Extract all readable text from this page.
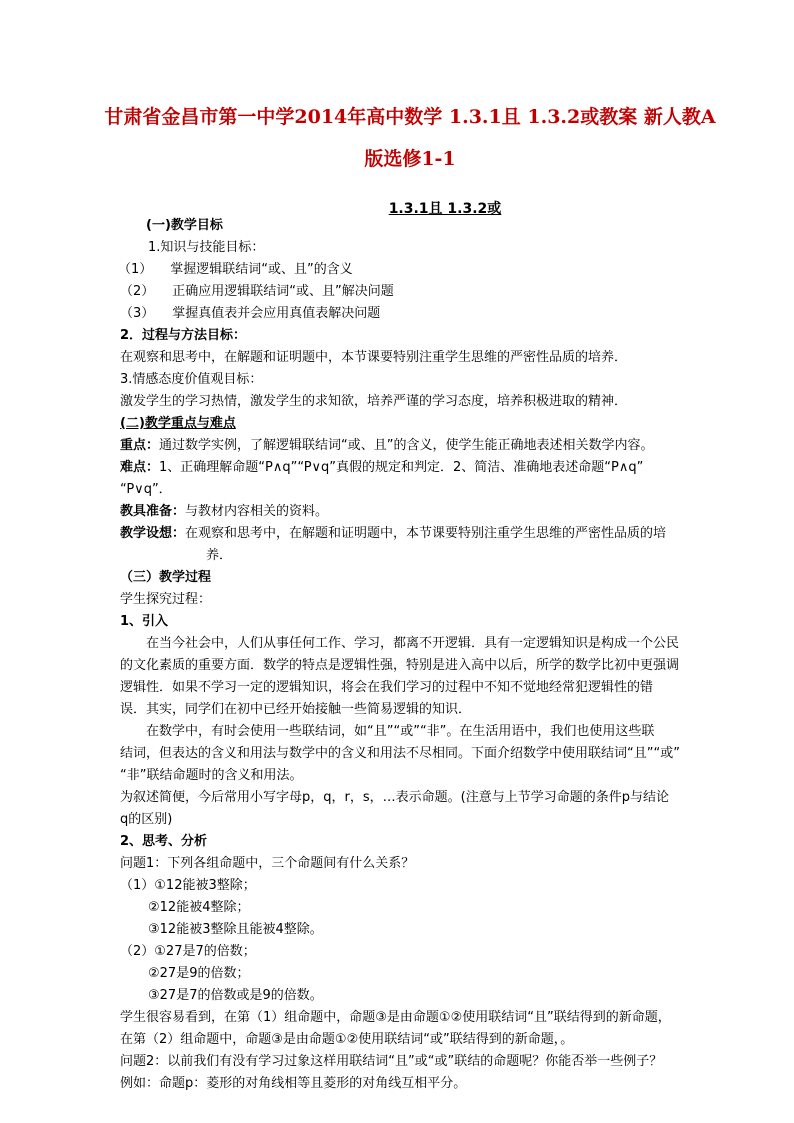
甘肃省金昌市第一中学2014年高中数学 1.3.1且 1.3.2或教案 新人教A
版选修1-1
1.3.1且 1.3.2或
(一)教学目标
1.知识与技能目标：
（1） 掌握逻辑联结词“或、且”的含义
（2） 正确应用逻辑联结词“或、且”解决问题
（3） 掌握真值表并会应用真值表解决问题
2．过程与方法目标：
在观察和思考中，在解题和证明题中，本节课要特别注重学生思维的严密性品质的培养．
3.情感态度价值观目标：
激发学生的学习热情，激发学生的求知欲，培养严谨的学习态度，培养积极进取的精神．
(二)教学重点与难点
重点：通过数学实例，了解逻辑联结词“或、且”的含义，使学生能正确地表述相关数学内容。
难点：1、正确理解命题“P∧q”“P∨q”真假的规定和判定．2、简洁、准确地表述命题“P∧q”
“P∨q”．
教具准备：与教材内容相关的资料。
教学设想：在观察和思考中，在解题和证明题中，本节课要特别注重学生思维的严密性品质的培
养．
（三）教学过程
学生探究过程：
1、引入
在当今社会中，人们从事任何工作、学习，都离不开逻辑．具有一定逻辑知识是构成一个公民
的文化素质的重要方面．数学的特点是逻辑性强，特别是进入高中以后，所学的数学比初中更强调
逻辑性．如果不学习一定的逻辑知识，将会在我们学习的过程中不知不觉地经常犯逻辑性的错
误．其实，同学们在初中已经开始接触一些简易逻辑的知识．
在数学中，有时会使用一些联结词，如“且”“或”“非”。在生活用语中，我们也使用这些联
结词，但表达的含义和用法与数学中的含义和用法不尽相同。下面介绍数学中使用联结词“且”“或”
“非”联结命题时的含义和用法。
为叙述简便，今后常用小写字母p，q，r，s，…表示命题。(注意与上节学习命题的条件p与结论
q的区别)
2、思考、分析
问题1：下列各组命题中，三个命题间有什么关系？
（1）①12能被3整除；
②12能被4整除；
③12能被3整除且能被4整除。
（2）①27是7的倍数；
②27是9的倍数；
③27是7的倍数或是9的倍数。
学生很容易看到，在第（1）组命题中，命题③是由命题①②使用联结词“且”联结得到的新命题，
在第（2）组命题中，命题③是由命题①②使用联结词“或”联结得到的新命题，。
问题2：以前我们有没有学习过象这样用联结词“且”或“或”联结的命题呢？你能否举一些例子？
例如：命题p：菱形的对角线相等且菱形的对角线互相平分。
